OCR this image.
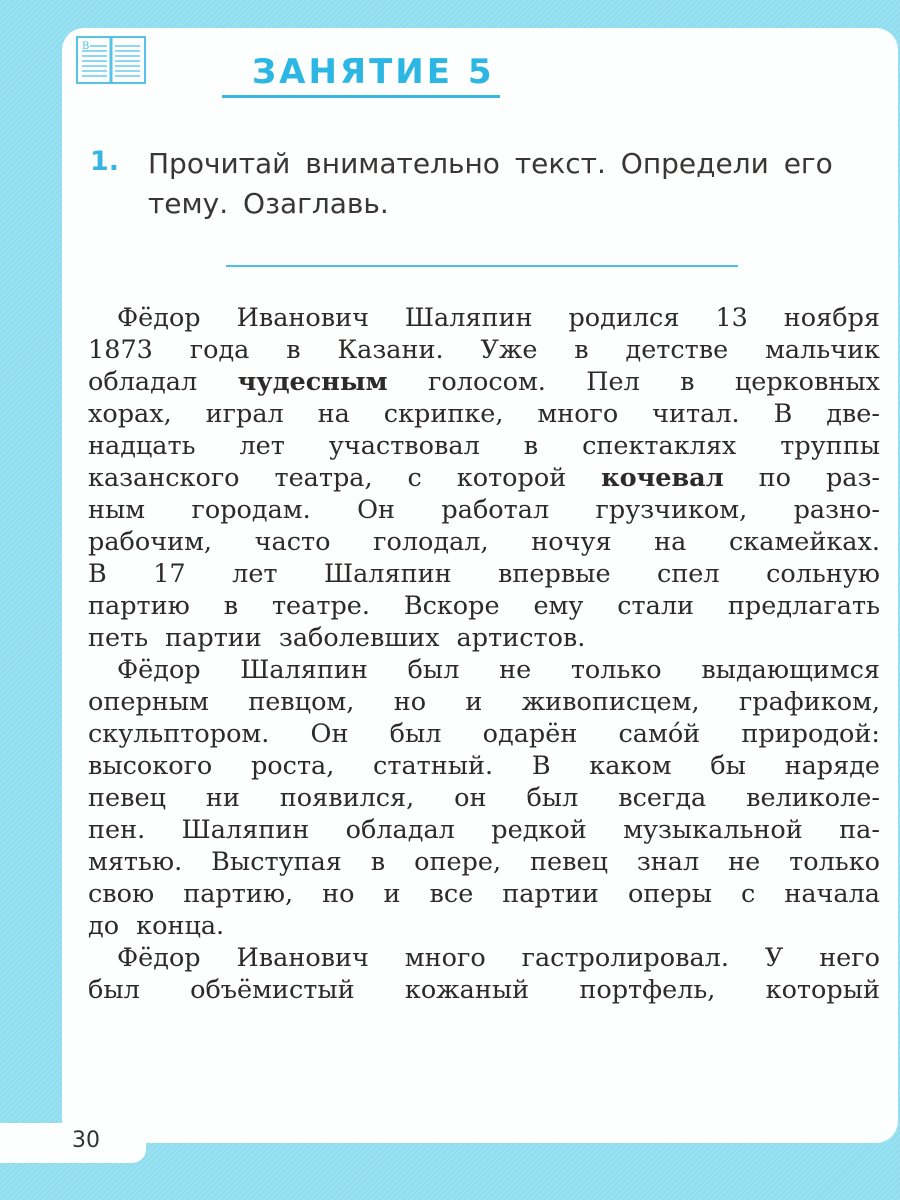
В
ЗАНЯТИЕ 5
1. Прочитай внимательно текст. Определи его тему. Озаглавь.
Фёдор Иванович Шаляпин родился 13 ноября
1873 года в Казани. Уже в детстве мальчик
обладал чудесным голосом. Пел в церковных
хорах, играл на скрипке, много читал. В две-
надцать лет участвовал в спектаклях труппы
казанского театра, с которой кочевал по раз-
ным городам. Он работал грузчиком, разно-
рабочим, часто голодал, ночуя на скамейках.
В 17 лет Шаляпин впервые спел сольную
партию в театре. Вскоре ему стали предлагать
петь партии заболевших артистов.
Фёдор Шаляпин был не только выдающимся
оперным певцом, но и живописцем, графиком,
скульптором. Он был одарён само́й природой:
высокого роста, статный. В каком бы наряде
певец ни появился, он был всегда великоле-
пен. Шаляпин обладал редкой музыкальной па-
мятью. Выступая в опере, певец знал не только
свою партию, но и все партии оперы с начала
до конца.
Фёдор Иванович много гастролировал. У него
был объёмистый кожаный портфель, который
30
